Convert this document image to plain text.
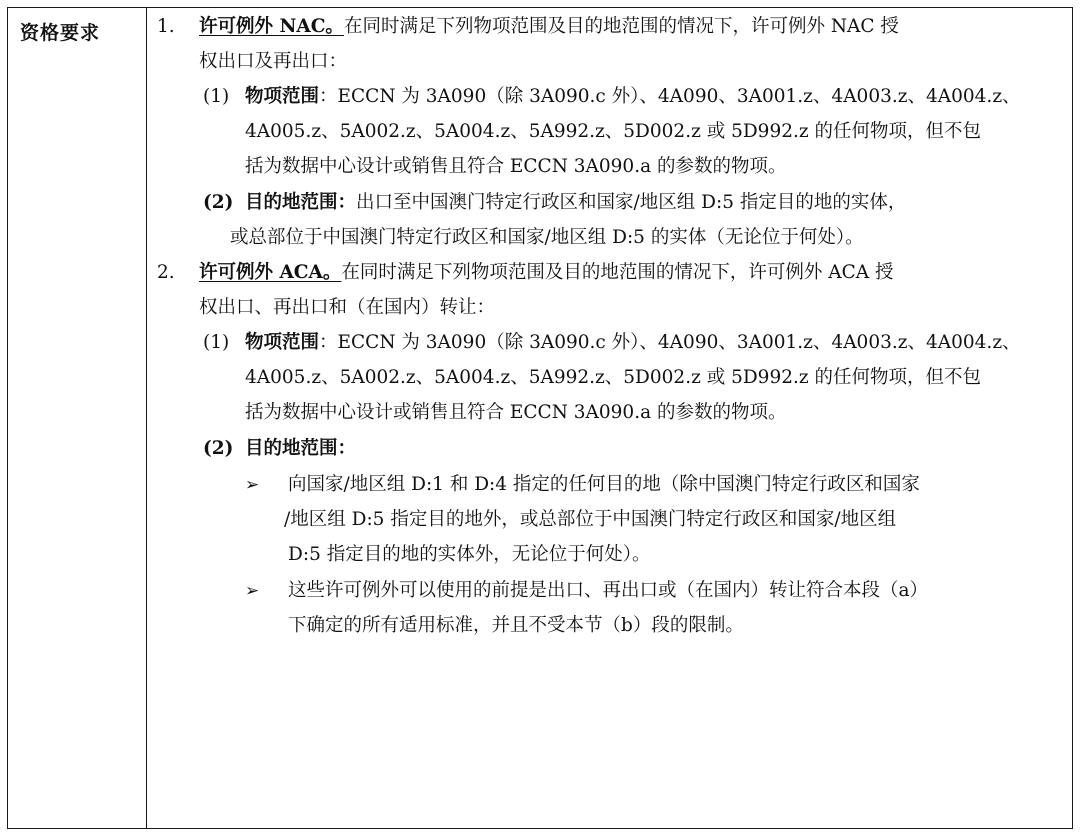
资格要求	1. 许可例外 NAC。在同时满足下列物项范围及目的地范围的情况下，许可例外 NAC 授
权出口及再出口：
(1) 物项范围：ECCN 为 3A090（除 3A090.c 外）、4A090、3A001.z、4A003.z、4A004.z、
4A005.z、5A002.z、5A004.z、5A992.z、5D002.z 或 5D992.z 的任何物项，但不包
括为数据中心设计或销售且符合 ECCN 3A090.a 的参数的物项。
(2) 目的地范围：出口至中国澳门特定行政区和国家/地区组 D:5 指定目的地的实体，
或总部位于中国澳门特定行政区和国家/地区组 D:5 的实体（无论位于何处）。
2. 许可例外 ACA。在同时满足下列物项范围及目的地范围的情况下，许可例外 ACA 授
权出口、再出口和（在国内）转让：
(1) 物项范围：ECCN 为 3A090（除 3A090.c 外）、4A090、3A001.z、4A003.z、4A004.z、
4A005.z、5A002.z、5A004.z、5A992.z、5D002.z 或 5D992.z 的任何物项，但不包
括为数据中心设计或销售且符合 ECCN 3A090.a 的参数的物项。
(2) 目的地范围：
➢ 向国家/地区组 D:1 和 D:4 指定的任何目的地（除中国澳门特定行政区和国家
/地区组 D:5 指定目的地外，或总部位于中国澳门特定行政区和国家/地区组
D:5 指定目的地的实体外，无论位于何处）。
➢ 这些许可例外可以使用的前提是出口、再出口或（在国内）转让符合本段（a）
下确定的所有适用标准，并且不受本节（b）段的限制。
